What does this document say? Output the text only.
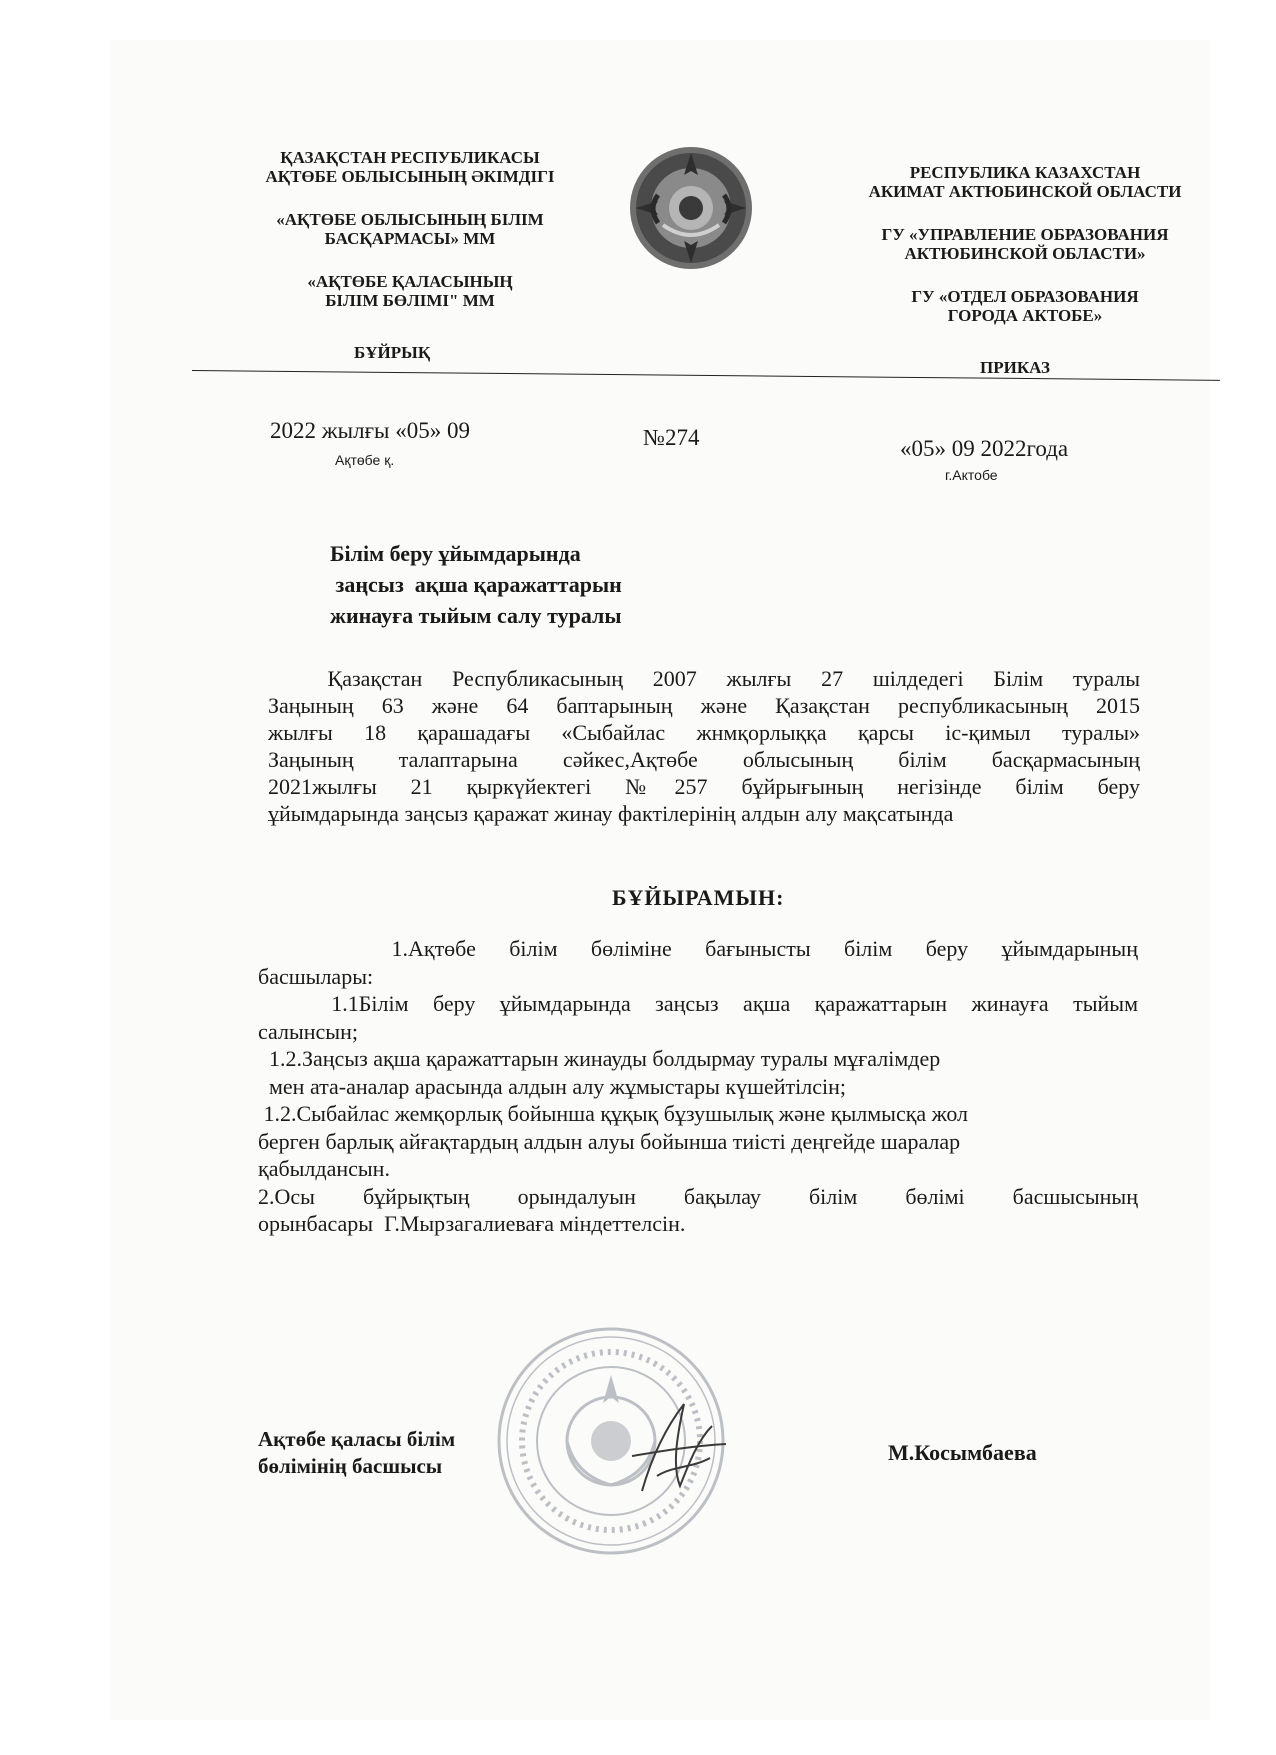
ҚАЗАҚСТАН РЕСПУБЛИКАСЫ
АҚТӨБЕ ОБЛЫСЫНЫҢ ӘКІМДІГІ
«АҚТӨБЕ ОБЛЫСЫНЫҢ БІЛІМ
БАСҚАРМАСЫ» ММ
«АҚТӨБЕ ҚАЛАСЫНЫҢ
БІЛІМ БӨЛІМІ" ММ
РЕСПУБЛИКА КАЗАХСТАН
АКИМАТ АКТЮБИНСКОЙ ОБЛАСТИ
ГУ «УПРАВЛЕНИЕ ОБРАЗОВАНИЯ
АКТЮБИНСКОЙ ОБЛАСТИ»
ГУ «ОТДЕЛ ОБРАЗОВАНИЯ
ГОРОДА АКТОБЕ»
БҰЙРЫҚ
ПРИКАЗ
2022 жылғы «05» 09
Ақтөбе қ.
№274	«05» 09 2022года
г.Актобе
Білім беру ұйымдарында
заңсыз  ақша қаражаттарын
жинауға тыйым салу туралы
Қазақстан Республикасының 2007 жылғы 27 шілдедегі Білім туралы
Заңының 63 және 64 баптарының және Қазақстан республикасының 2015
жылғы 18 қарашадағы «Сыбайлас жнмқорлыққа қарсы іс-қимыл туралы»
Заңының талаптарына сәйкес,Ақтөбе облысының білім басқармасының
2021жылғы 21 қыркүйектегі №257 бұйрығының негізінде білім беру
ұйымдарында заңсыз қаражат жинау фактілерінің алдын алу мақсатында
БҰЙЫРАМЫН:
1.Ақтөбе білім бөліміне бағынысты білім беру ұйымдарының
басшылары:
1.1Білім беру ұйымдарында заңсыз ақша қаражаттарын жинауға тыйым
салынсын;
1.2.Заңсыз ақша қаражаттарын жинауды болдырмау туралы мұғалімдер
мен ата-аналар арасында алдын алу жұмыстары күшейтілсін;
1.2.Сыбайлас жемқорлық бойынша құқық бұзушылық және қылмысқа жол
берген барлық айғақтардың алдын алуы бойынша тиісті деңгейде шаралар
қабылдансын.
2.Осы бұйрықтың орындалуын бақылау білім бөлімі басшысының
орынбасары  Г.Мырзагалиеваға міндеттелсін.
Ақтөбе қаласы білім
бөлімінің басшысы
М.Косымбаева
